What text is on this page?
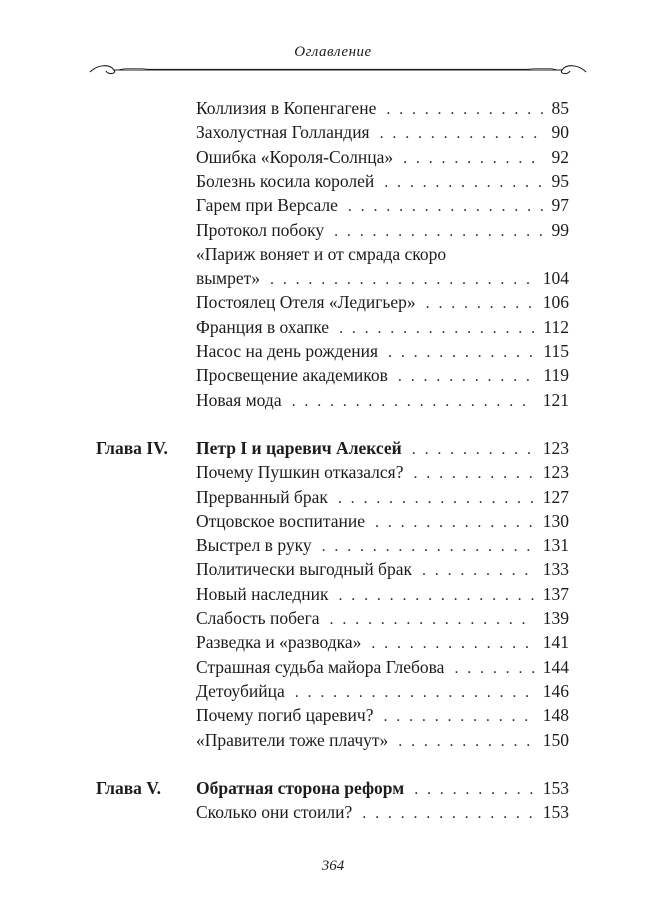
Оглавление
Коллизия в Копенгагене . . .	85
Захолустная Голландия . . .	90
Ошибка «Короля-Солнца» . . .	92
Болезнь косила королей . . .	95
Гарем при Версале . . .	97
Протокол побоку . . .	99
«Париж воняет и от смрада скоро
вымрет» . . .	104
Постоялец Отеля «Ледигьер» . . .	106
Франция в охапке . . .	112
Насос на день рождения . . .	115
Просвещение академиков . . .	119
Новая мода . . .	121
Глава IV. Петр I и царевич Алексей . . .	123
Почему Пушкин отказался? . . .	123
Прерванный брак . . .	127
Отцовское воспитание . . .	130
Выстрел в руку . . .	131
Политически выгодный брак . . .	133
Новый наследник . . .	137
Слабость побега . . .	139
Разведка и «разводка» . . .	141
Страшная судьба майора Глебова . . .	144
Детоубийца . . .	146
Почему погиб царевич? . . .	148
«Правители тоже плачут» . . .	150
Глава V. Обратная сторона реформ . . .	153
Сколько они стоили? . . .	153
364
